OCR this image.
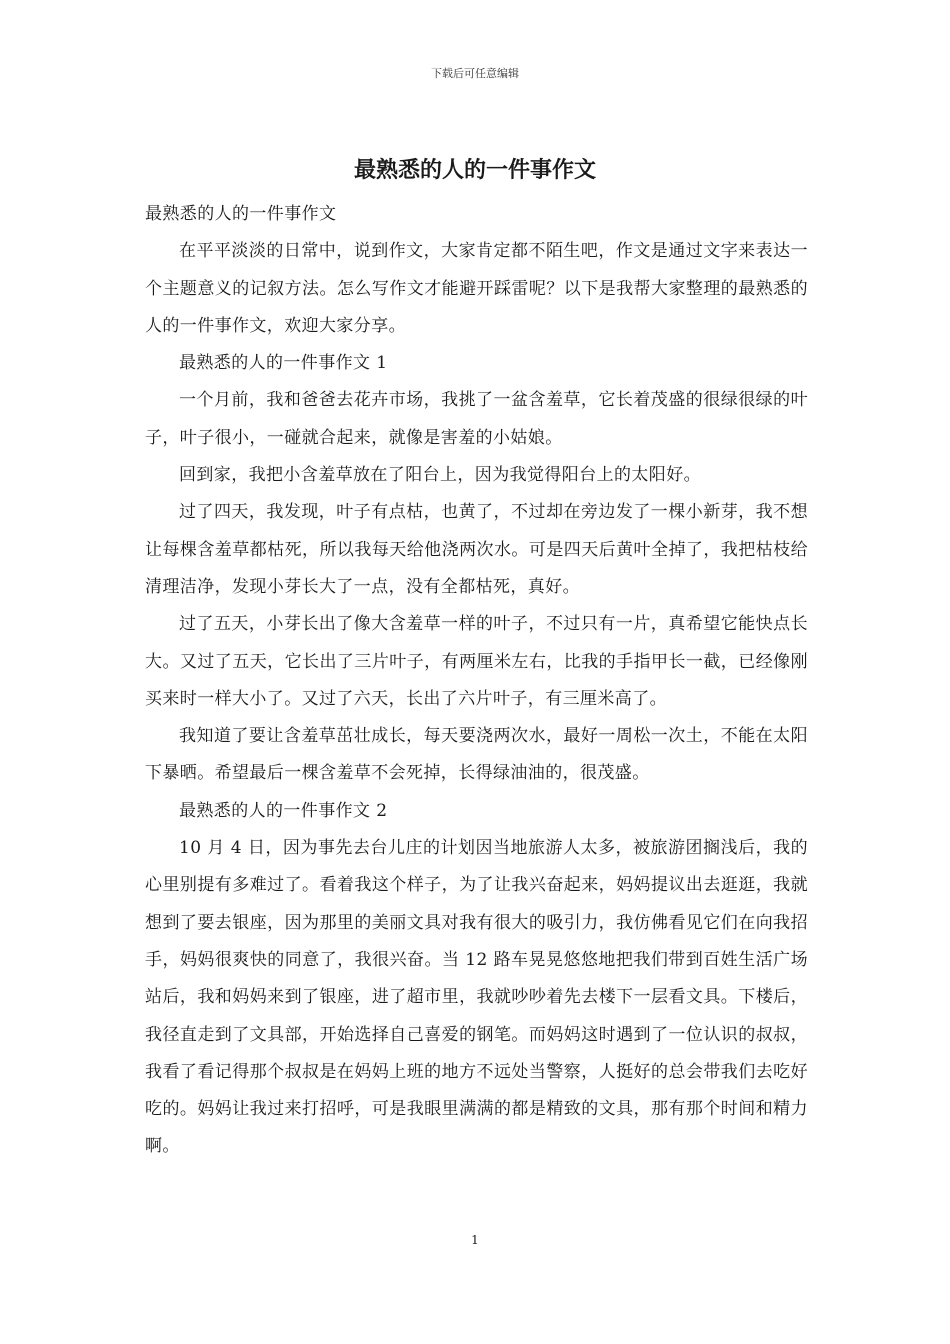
下载后可任意编辑
最熟悉的人的一件事作文

最熟悉的人的一件事作文

在平平淡淡的日常中，说到作文，大家肯定都不陌生吧，作文是通过文字来表达一个主题意义的记叙方法。怎么写作文才能避开踩雷呢？以下是我帮大家整理的最熟悉的人的一件事作文，欢迎大家分享。

最熟悉的人的一件事作文 1

一个月前，我和爸爸去花卉市场，我挑了一盆含羞草，它长着茂盛的很绿很绿的叶子，叶子很小，一碰就合起来，就像是害羞的小姑娘。

回到家，我把小含羞草放在了阳台上，因为我觉得阳台上的太阳好。

过了四天，我发现，叶子有点枯，也黄了，不过却在旁边发了一棵小新芽，我不想让每棵含羞草都枯死，所以我每天给他浇两次水。可是四天后黄叶全掉了，我把枯枝给清理洁净，发现小芽长大了一点，没有全都枯死，真好。

过了五天，小芽长出了像大含羞草一样的叶子，不过只有一片，真希望它能快点长大。又过了五天，它长出了三片叶子，有两厘米左右，比我的手指甲长一截，已经像刚买来时一样大小了。又过了六天，长出了六片叶子，有三厘米高了。

我知道了要让含羞草茁壮成长，每天要浇两次水，最好一周松一次土，不能在太阳下暴晒。希望最后一棵含羞草不会死掉，长得绿油油的，很茂盛。

最熟悉的人的一件事作文 2

10 月 4 日，因为事先去台儿庄的计划因当地旅游人太多，被旅游团搁浅后，我的心里别提有多难过了。看着我这个样子，为了让我兴奋起来，妈妈提议出去逛逛，我就想到了要去银座，因为那里的美丽文具对我有很大的吸引力，我仿佛看见它们在向我招手，妈妈很爽快的同意了，我很兴奋。当 12 路车晃晃悠悠地把我们带到百姓生活广场站后，我和妈妈来到了银座，进了超市里，我就吵吵着先去楼下一层看文具。下楼后，我径直走到了文具部，开始选择自己喜爱的钢笔。而妈妈这时遇到了一位认识的叔叔，我看了看记得那个叔叔是在妈妈上班的地方不远处当警察，人挺好的总会带我们去吃好吃的。妈妈让我过来打招呼，可是我眼里满满的都是精致的文具，那有那个时间和精力啊。

1
